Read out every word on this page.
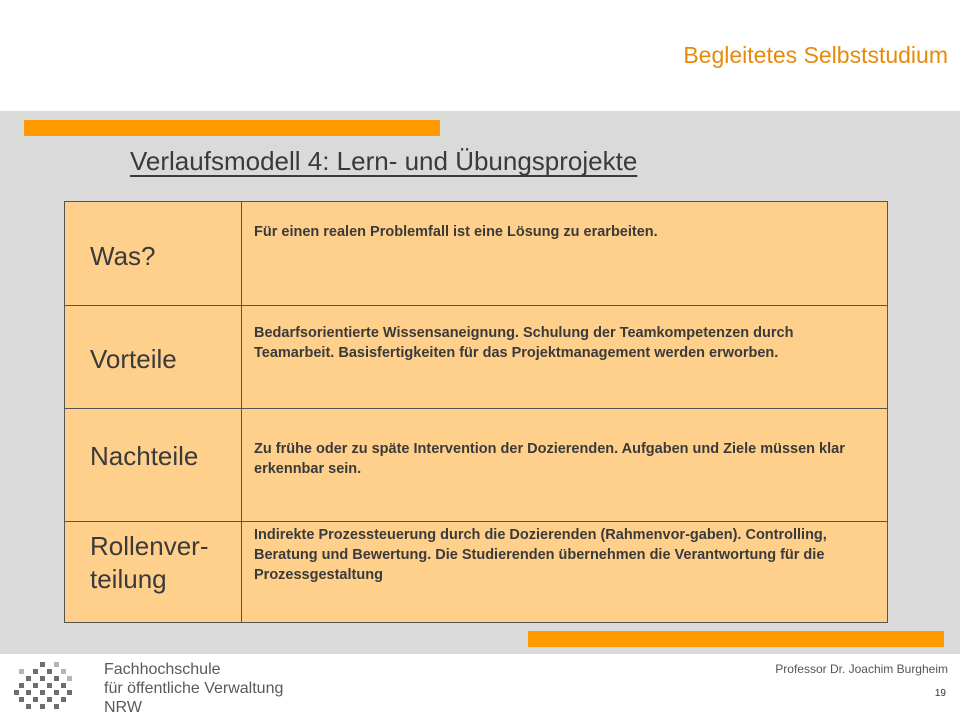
Begleitetes Selbststudium
Verlaufsmodell 4: Lern- und Übungsprojekte
Was?
Für einen realen Problemfall ist eine Lösung zu erarbeiten.
Vorteile
Bedarfsorientierte Wissensaneignung. Schulung der Teamkompetenzen durch Teamarbeit. Basisfertigkeiten für das Projektmanagement werden erworben.
Nachteile	Zu frühe oder zu späte Intervention der Dozierenden. Aufgaben und Ziele müssen klar erkennbar sein.
Rollenver-
teilung
Indirekte Prozessteuerung durch die Dozierenden (Rahmenvor-gaben). Controlling, Beratung und Bewertung. Die Studierenden übernehmen die Verantwortung für die Prozessgestaltung
Fachhochschule
für öffentliche Verwaltung
NRW
Professor Dr. Joachim Burgheim
19
